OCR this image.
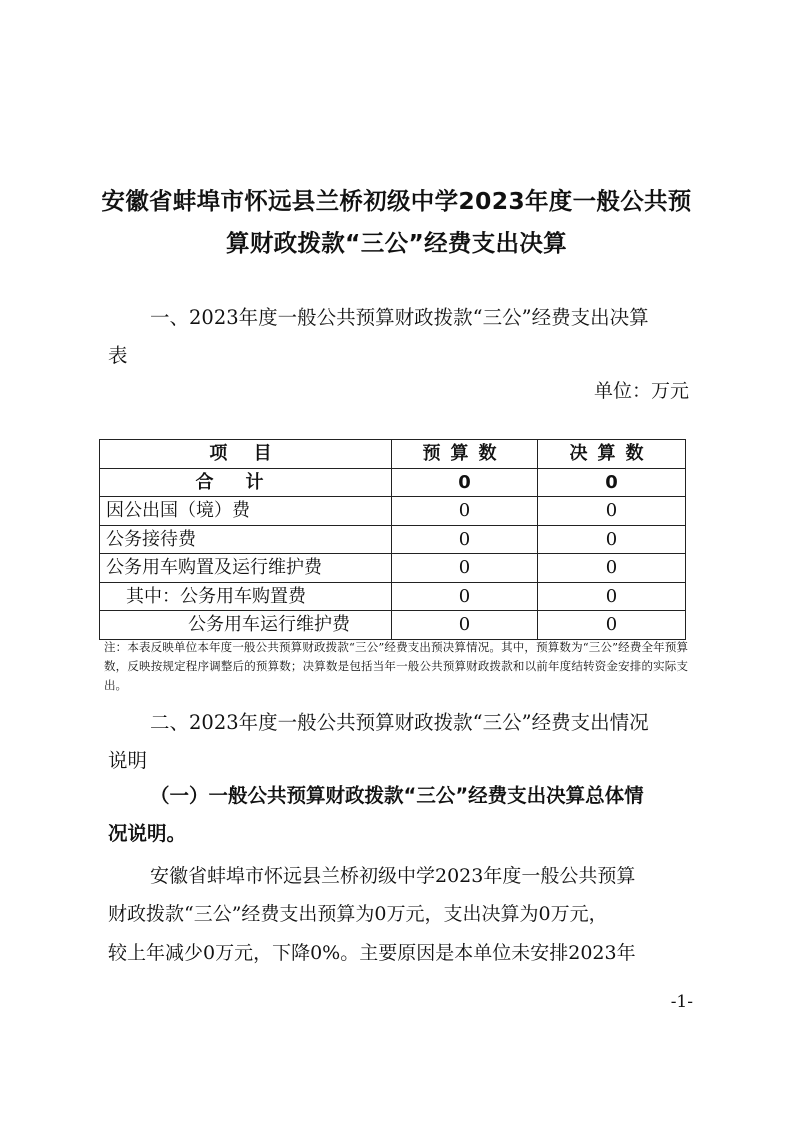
安徽省蚌埠市怀远县兰桥初级中学2023年度一般公共预
算财政拨款“三公”经费支出决算
一、2023年度一般公共预算财政拨款“三公”经费支出决算
表
单位：万元
项 目	预算数	决算数
合计	0	0
因公出国（境）费	0	0
公务接待费	0	0
公务用车购置及运行维护费	0	0
其中：公务用车购置费	0	0
公务用车运行维护费	0	0
注：本表反映单位本年度一般公共预算财政拨款“三公”经费支出预决算情况。其中，预算数为“三公”经费全年预算数，反映按规定程序调整后的预算数；决算数是包括当年一般公共预算财政拨款和以前年度结转资金安排的实际支出。
二、2023年度一般公共预算财政拨款“三公”经费支出情况
说明
（一）一般公共预算财政拨款“三公”经费支出决算总体情
况说明。
安徽省蚌埠市怀远县兰桥初级中学2023年度一般公共预算
财政拨款“三公”经费支出预算为0万元，支出决算为0万元，
较上年减少0万元，下降0%。主要原因是本单位未安排2023年
-1-
